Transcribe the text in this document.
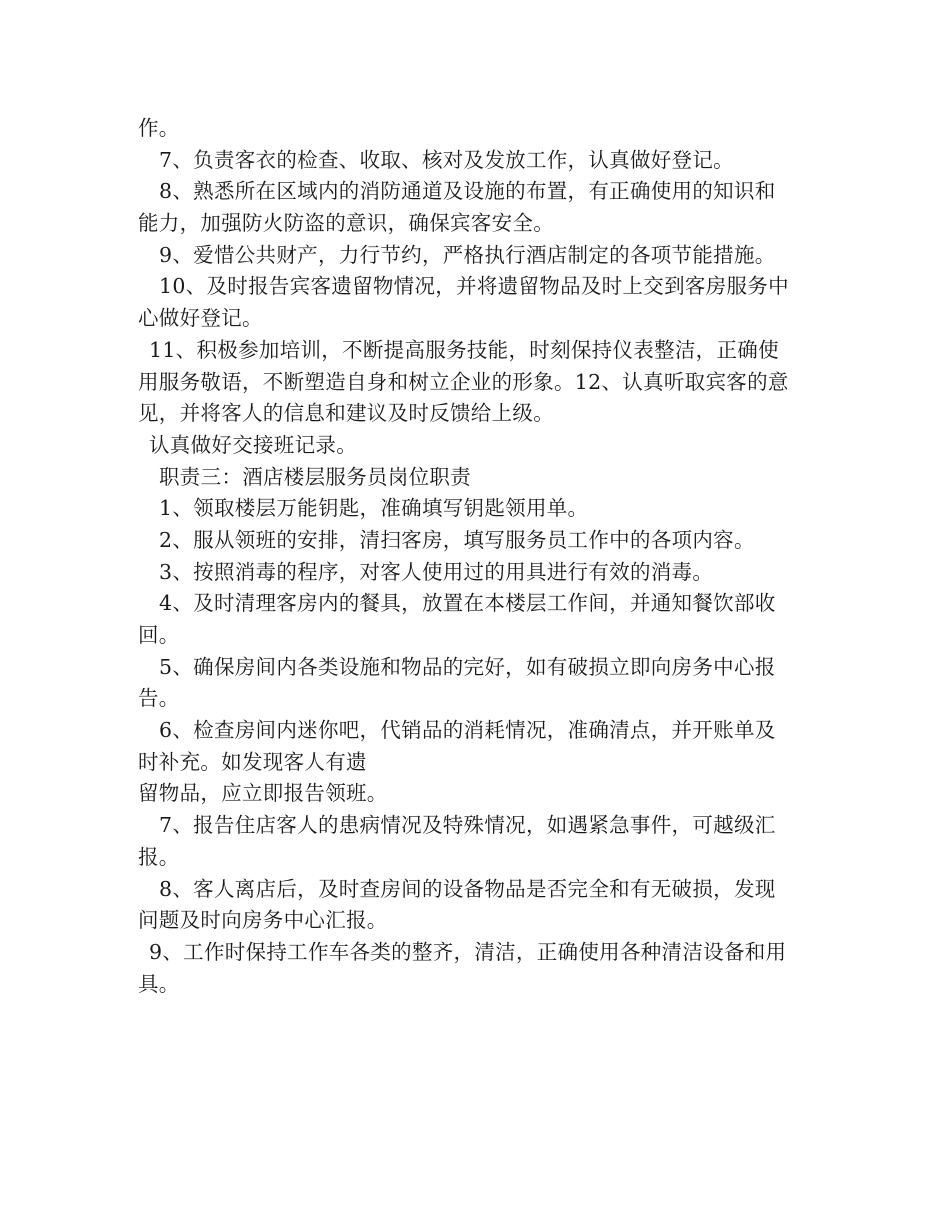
作。
7、负责客衣的检查、收取、核对及发放工作，认真做好登记。
8、熟悉所在区域内的消防通道及设施的布置，有正确使用的知识和
能力，加强防火防盗的意识，确保宾客安全。
9、爱惜公共财产，力行节约，严格执行酒店制定的各项节能措施。
10、及时报告宾客遗留物情况，并将遗留物品及时上交到客房服务中
心做好登记。
11、积极参加培训，不断提高服务技能，时刻保持仪表整洁，正确使
用服务敬语，不断塑造自身和树立企业的形象。12、认真听取宾客的意
见，并将客人的信息和建议及时反馈给上级。
认真做好交接班记录。
职责三：酒店楼层服务员岗位职责
1、领取楼层万能钥匙，准确填写钥匙领用单。
2、服从领班的安排，清扫客房，填写服务员工作中的各项内容。
3、按照消毒的程序，对客人使用过的用具进行有效的消毒。
4、及时清理客房内的餐具，放置在本楼层工作间，并通知餐饮部收
回。
5、确保房间内各类设施和物品的完好，如有破损立即向房务中心报
告。
6、检查房间内迷你吧，代销品的消耗情况，准确清点，并开账单及
时补充。如发现客人有遗
留物品，应立即报告领班。
7、报告住店客人的患病情况及特殊情况，如遇紧急事件，可越级汇
报。
8、客人离店后，及时查房间的设备物品是否完全和有无破损，发现
问题及时向房务中心汇报。
9、工作时保持工作车各类的整齐，清洁，正确使用各种清洁设备和用
具。
